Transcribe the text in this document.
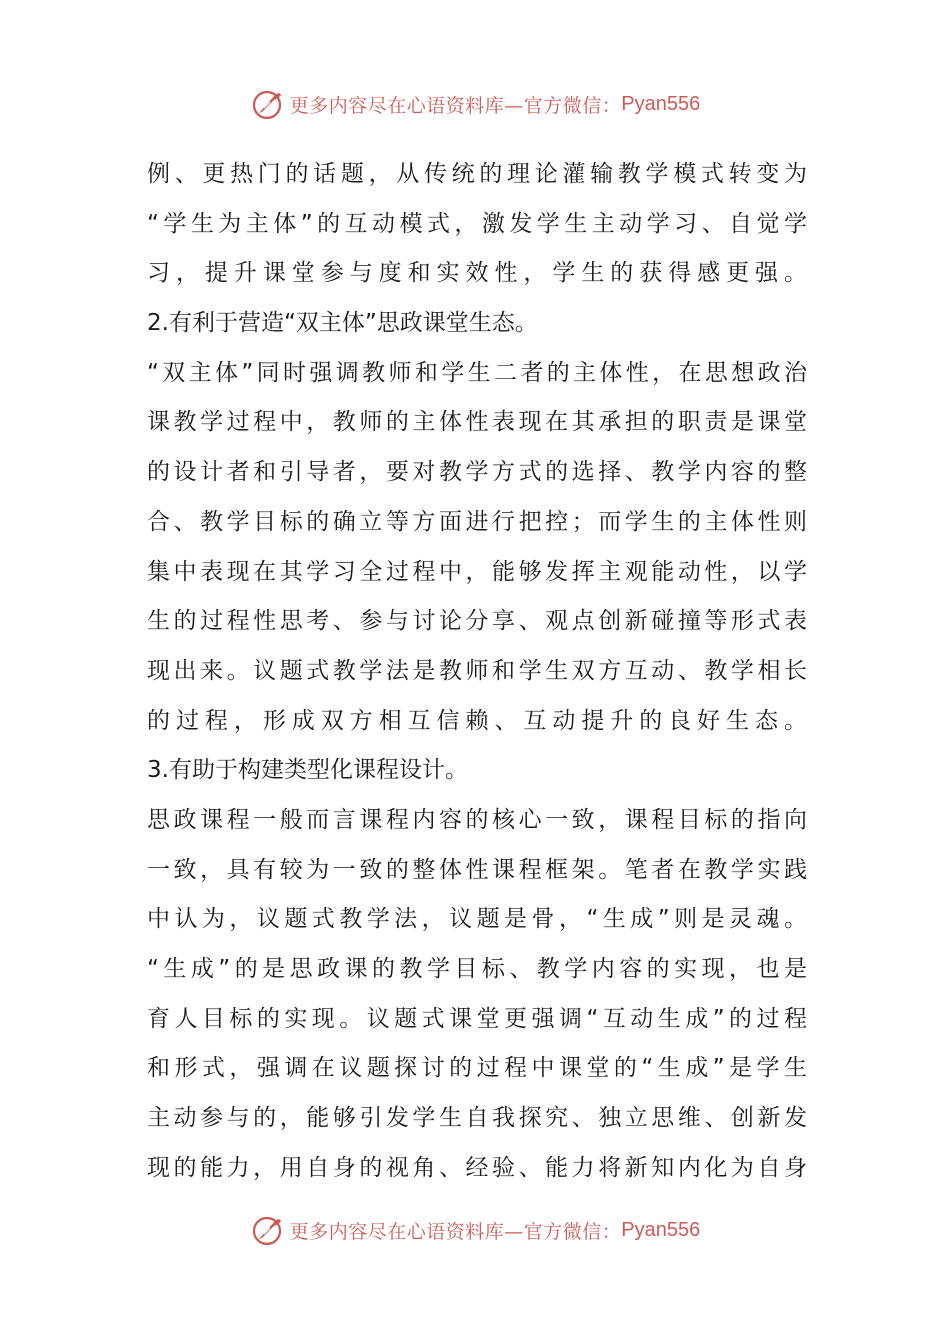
更多内容尽在心语资料库—官方微信： Pyan556
例、更热门的话题，从传统的理论灌输教学模式转变为
“学生为主体”的互动模式，激发学生主动学习、自觉学
习，提升课堂参与度和实效性，学生的获得感更强。
2.有利于营造“双主体”思政课堂生态。
“双主体”同时强调教师和学生二者的主体性，在思想政治
课教学过程中，教师的主体性表现在其承担的职责是课堂
的设计者和引导者，要对教学方式的选择、教学内容的整
合、教学目标的确立等方面进行把控；而学生的主体性则
集中表现在其学习全过程中，能够发挥主观能动性，以学
生的过程性思考、参与讨论分享、观点创新碰撞等形式表
现出来。议题式教学法是教师和学生双方互动、教学相长
的过程，形成双方相互信赖、互动提升的良好生态。
3.有助于构建类型化课程设计。
思政课程一般而言课程内容的核心一致，课程目标的指向
一致，具有较为一致的整体性课程框架。笔者在教学实践
中认为，议题式教学法，议题是骨，“生成”则是灵魂。
“生成”的是思政课的教学目标、教学内容的实现，也是
育人目标的实现。议题式课堂更强调“互动生成”的过程
和形式，强调在议题探讨的过程中课堂的“生成”是学生
主动参与的，能够引发学生自我探究、独立思维、创新发
现的能力，用自身的视角、经验、能力将新知内化为自身
更多内容尽在心语资料库—官方微信： Pyan556
